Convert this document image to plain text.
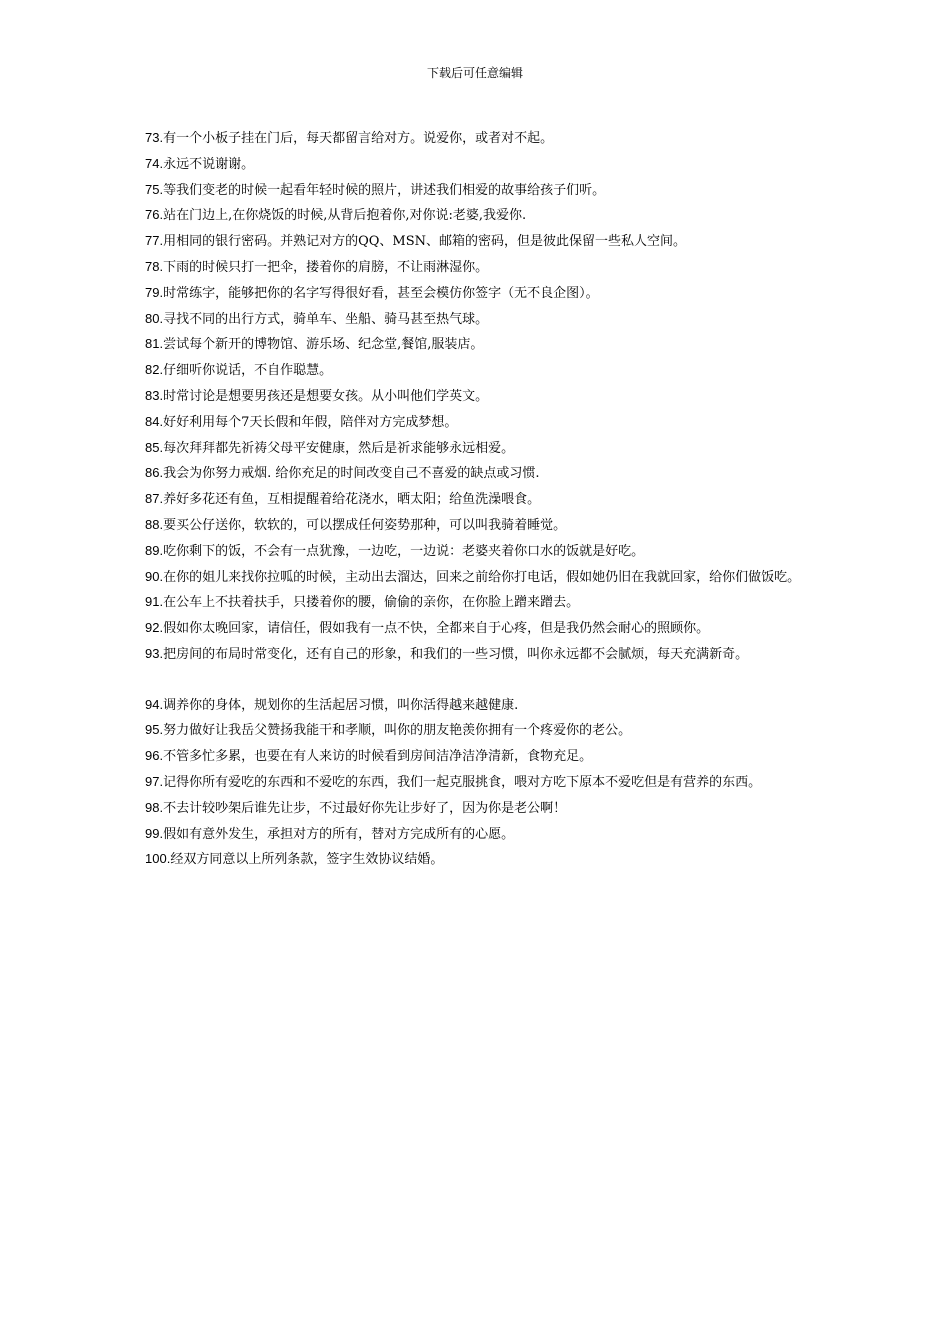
下载后可任意编辑
73.有一个小板子挂在门后，每天都留言给对方。说爱你，或者对不起。
74.永远不说谢谢。
75.等我们变老的时候一起看年轻时候的照片，讲述我们相爱的故事给孩子们听。
76.站在门边上,在你烧饭的时候,从背后抱着你,对你说:老婆,我爱你.
77.用相同的银行密码。并熟记对方的QQ、MSN、邮箱的密码，但是彼此保留一些私人空间。
78.下雨的时候只打一把伞，搂着你的肩膀，不让雨淋湿你。
79.时常练字，能够把你的名字写得很好看，甚至会模仿你签字（无不良企图）。
80.寻找不同的出行方式，骑单车、坐船、骑马甚至热气球。
81.尝试每个新开的博物馆、游乐场、纪念堂,餐馆,服装店。
82.仔细听你说话，不自作聪慧。
83.时常讨论是想要男孩还是想要女孩。从小叫他们学英文。
84.好好利用每个7天长假和年假，陪伴对方完成梦想。
85.每次拜拜都先祈祷父母平安健康，然后是祈求能够永远相爱。
86.我会为你努力戒烟. 给你充足的时间改变自己不喜爱的缺点或习惯.
87.养好多花还有鱼，互相提醒着给花浇水，晒太阳；给鱼洗澡喂食。
88.要买公仔送你，软软的，可以摆成任何姿势那种，可以叫我骑着睡觉。
89.吃你剩下的饭，不会有一点犹豫，一边吃，一边说：老婆夹着你口水的饭就是好吃。
90.在你的姐儿来找你拉呱的时候，主动出去溜达，回来之前给你打电话，假如她仍旧在我就回家，给你们做饭吃。
91.在公车上不扶着扶手，只搂着你的腰，偷偷的亲你，在你脸上蹭来蹭去。
92.假如你太晚回家，请信任，假如我有一点不快，全都来自于心疼，但是我仍然会耐心的照顾你。
93.把房间的布局时常变化，还有自己的形象，和我们的一些习惯，叫你永远都不会腻烦，每天充满新奇。
94.调养你的身体，规划你的生活起居习惯，叫你活得越来越健康.
95.努力做好让我岳父赞扬我能干和孝顺，叫你的朋友艳羡你拥有一个疼爱你的老公。
96.不管多忙多累，也要在有人来访的时候看到房间洁净洁净清新，食物充足。
97.记得你所有爱吃的东西和不爱吃的东西，我们一起克服挑食，喂对方吃下原本不爱吃但是有营养的东西。
98.不去计较吵架后谁先让步，不过最好你先让步好了，因为你是老公啊！
99.假如有意外发生，承担对方的所有，替对方完成所有的心愿。
100.经双方同意以上所列条款，签字生效协议结婚。
